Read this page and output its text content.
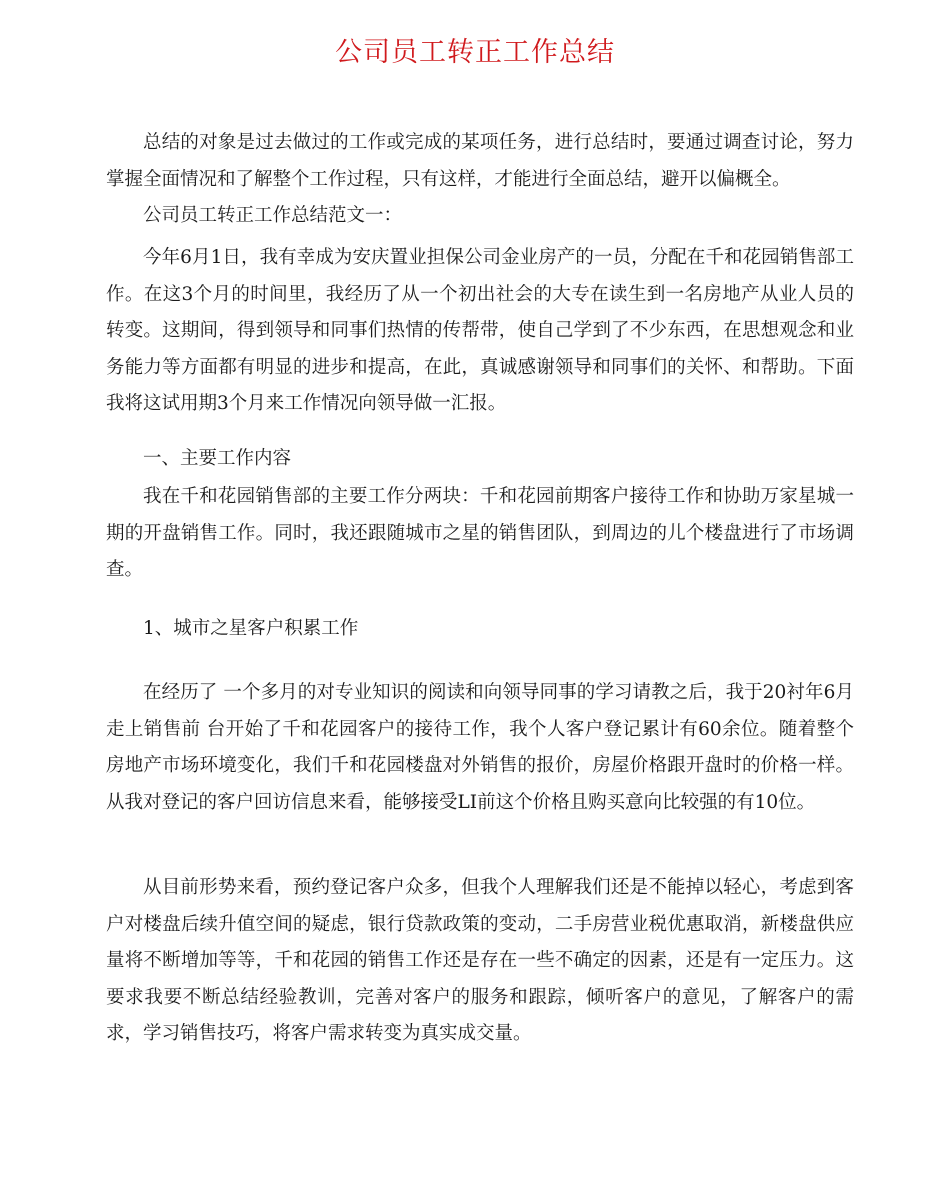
公司员工转正工作总结

总结的对象是过去做过的工作或完成的某项任务，进行总结时，要通过调查讨论，努力掌握全面情况和了解整个工作过程，只有这样，才能进行全面总结，避开以偏概全。

公司员工转正工作总结范文一：

今年6月1日，我有幸成为安庆置业担保公司金业房产的一员，分配在千和花园销售部工作。在这3个月的时间里，我经历了从一个初出社会的大专在读生到一名房地产从业人员的转变。这期间，得到领导和同事们热情的传帮带，使自己学到了不少东西，在思想观念和业务能力等方面都有明显的进步和提高，在此，真诚感谢领导和同事们的关怀、和帮助。下面我将这试用期3个月来工作情况向领导做一汇报。

一、主要工作内容

我在千和花园销售部的主要工作分两块：千和花园前期客户接待工作和协助万家星城一期的开盘销售工作。同时，我还跟随城市之星的销售团队，到周边的儿个楼盘进行了市场调查。

1、城市之星客户积累工作

在经历了 一个多月的对专业知识的阅读和向领导同事的学习请教之后，我于20衬年6月走上销售前 台开始了千和花园客户的接待工作，我个人客户登记累计有60余位。随着整个房地产市场环境变化，我们千和花园楼盘对外销售的报价，房屋价格跟开盘时的价格一样。从我对登记的客户回访信息来看，能够接受LI前这个价格且购买意向比较强的有10位。

从目前形势来看，预约登记客户众多，但我个人理解我们还是不能掉以轻心，考虑到客户对楼盘后续升值空间的疑虑，银行贷款政策的变动，二手房营业税优惠取消，新楼盘供应量将不断增加等等，千和花园的销售工作还是存在一些不确定的因素，还是有一定压力。这要求我要不断总结经验教训，完善对客户的服务和跟踪，倾听客户的意见，了解客户的需求，学习销售技巧，将客户需求转变为真实成交量。
